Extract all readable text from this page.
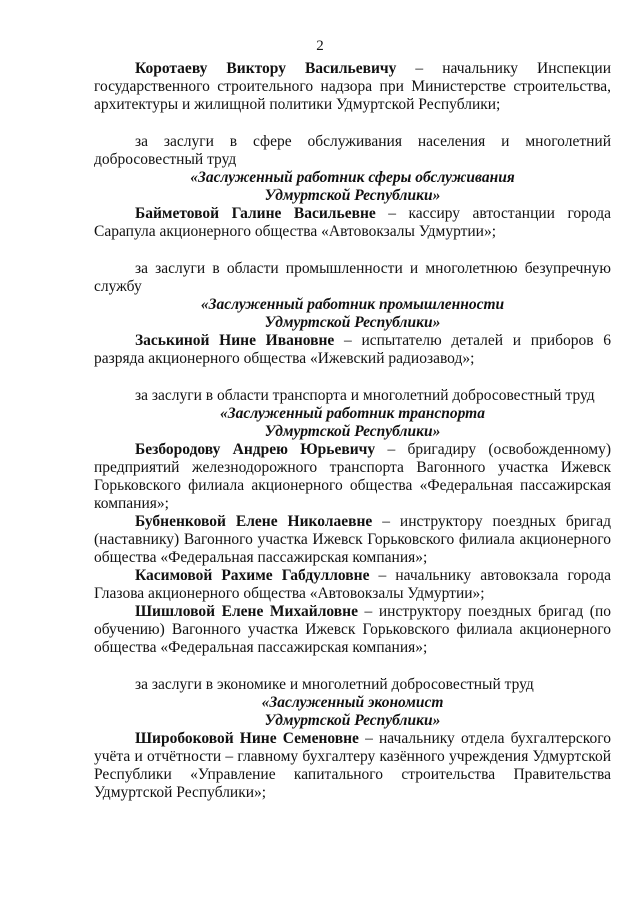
2

Коротаеву Виктору Васильевичу – начальнику Инспекции государственного строительного надзора при Министерстве строительства, архитектуры и жилищной политики Удмуртской Республики;

за заслуги в сфере обслуживания населения и многолетний добросовестный труд

«Заслуженный работник сферы обслуживания
Удмуртской Республики»

Байметовой Галине Васильевне – кассиру автостанции города Сарапула акционерного общества «Автовокзалы Удмуртии»;

за заслуги в области промышленности и многолетнюю безупречную службу

«Заслуженный работник промышленности
Удмуртской Республики»

Заськиной Нине Ивановне – испытателю деталей и приборов 6 разряда акционерного общества «Ижевский радиозавод»;

за заслуги в области транспорта и многолетний добросовестный труд

«Заслуженный работник транспорта
Удмуртской Республики»

Безбородову Андрею Юрьевичу – бригадиру (освобожденному) предприятий железнодорожного транспорта Вагонного участка Ижевск Горьковского филиала акционерного общества «Федеральная пассажирская компания»;

Бубненковой Елене Николаевне – инструктору поездных бригад (наставнику) Вагонного участка Ижевск Горьковского филиала акционерного общества «Федеральная пассажирская компания»;

Касимовой Рахиме Габдулловне – начальнику автовокзала города Глазова акционерного общества «Автовокзалы Удмуртии»;

Шишловой Елене Михайловне – инструктору поездных бригад (по обучению) Вагонного участка Ижевск Горьковского филиала акционерного общества «Федеральная пассажирская компания»;

за заслуги в экономике и многолетний добросовестный труд

«Заслуженный экономист
Удмуртской Республики»

Широбоковой Нине Семеновне – начальнику отдела бухгалтерского учёта и отчётности – главному бухгалтеру казённого учреждения Удмуртской Республики «Управление капитального строительства Правительства Удмуртской Республики»;
